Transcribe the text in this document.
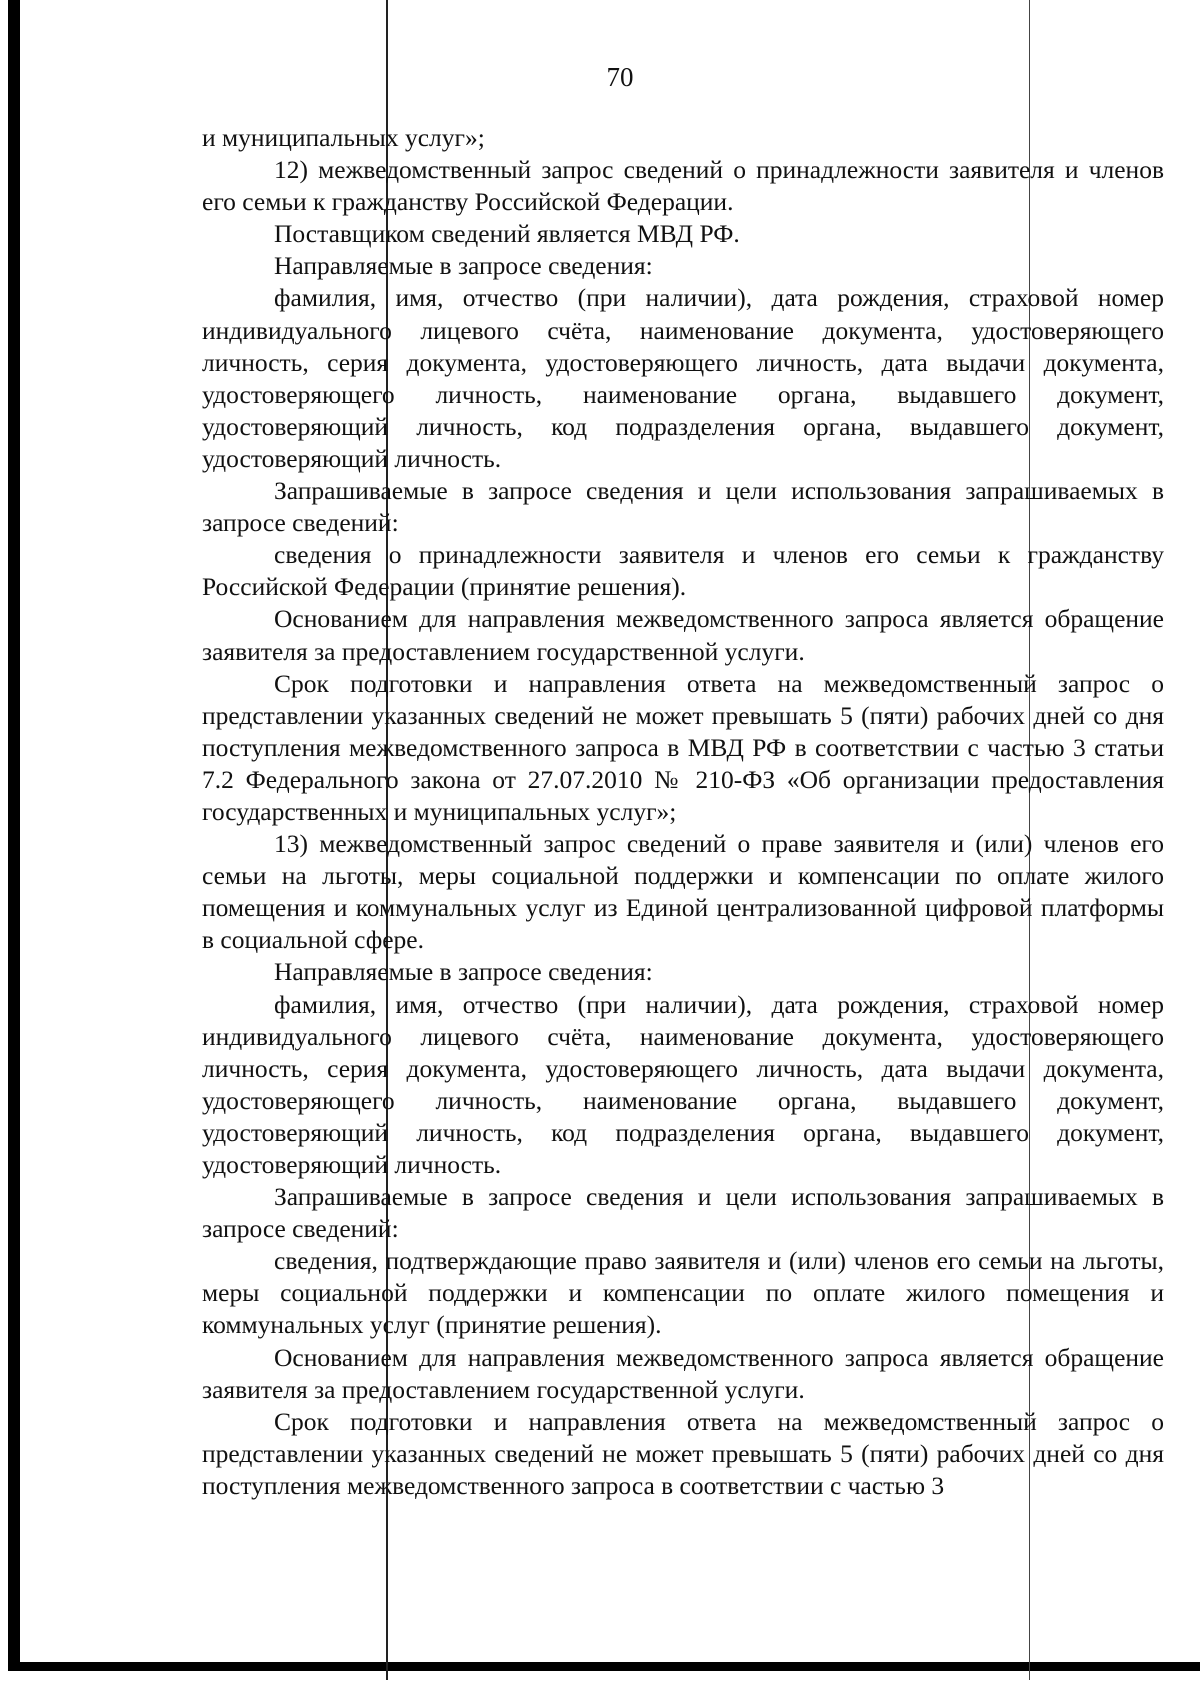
70

и муниципальных услуг»;

12) межведомственный запрос сведений о принадлежности заявителя и членов его семьи к гражданству Российской Федерации.

Поставщиком сведений является МВД РФ.

Направляемые в запросе сведения:

фамилия, имя, отчество (при наличии), дата рождения, страховой номер индивидуального лицевого счёта, наименование документа, удостоверяющего личность, серия документа, удостоверяющего личность, дата выдачи документа, удостоверяющего личность, наименование органа, выдавшего документ, удостоверяющий личность, код подразделения органа, выдавшего документ, удостоверяющий личность.

Запрашиваемые в запросе сведения и цели использования запрашиваемых в запросе сведений:

сведения о принадлежности заявителя и членов его семьи к гражданству Российской Федерации (принятие решения).

Основанием для направления межведомственного запроса является обращение заявителя за предоставлением государственной услуги.

Срок подготовки и направления ответа на межведомственный запрос о представлении указанных сведений не может превышать 5 (пяти) рабочих дней со дня поступления межведомственного запроса в МВД РФ в соответствии с частью 3 статьи 7.2 Федерального закона от 27.07.2010 № 210-ФЗ «Об организации предоставления государственных и муниципальных услуг»;

13) межведомственный запрос сведений о праве заявителя и (или) членов его семьи на льготы, меры социальной поддержки и компенсации по оплате жилого помещения и коммунальных услуг из Единой централизованной цифровой платформы в социальной сфере.

Направляемые в запросе сведения:

фамилия, имя, отчество (при наличии), дата рождения, страховой номер индивидуального лицевого счёта, наименование документа, удостоверяющего личность, серия документа, удостоверяющего личность, дата выдачи документа, удостоверяющего личность, наименование органа, выдавшего документ, удостоверяющий личность, код подразделения органа, выдавшего документ, удостоверяющий личность.

Запрашиваемые в запросе сведения и цели использования запрашиваемых в запросе сведений:

сведения, подтверждающие право заявителя и (или) членов его семьи на льготы, меры социальной поддержки и компенсации по оплате жилого помещения и коммунальных услуг (принятие решения).

Основанием для направления межведомственного запроса является обращение заявителя за предоставлением государственной услуги.

Срок подготовки и направления ответа на межведомственный запрос о представлении указанных сведений не может превышать 5 (пяти) рабочих дней со дня поступления межведомственного запроса в соответствии с частью 3
